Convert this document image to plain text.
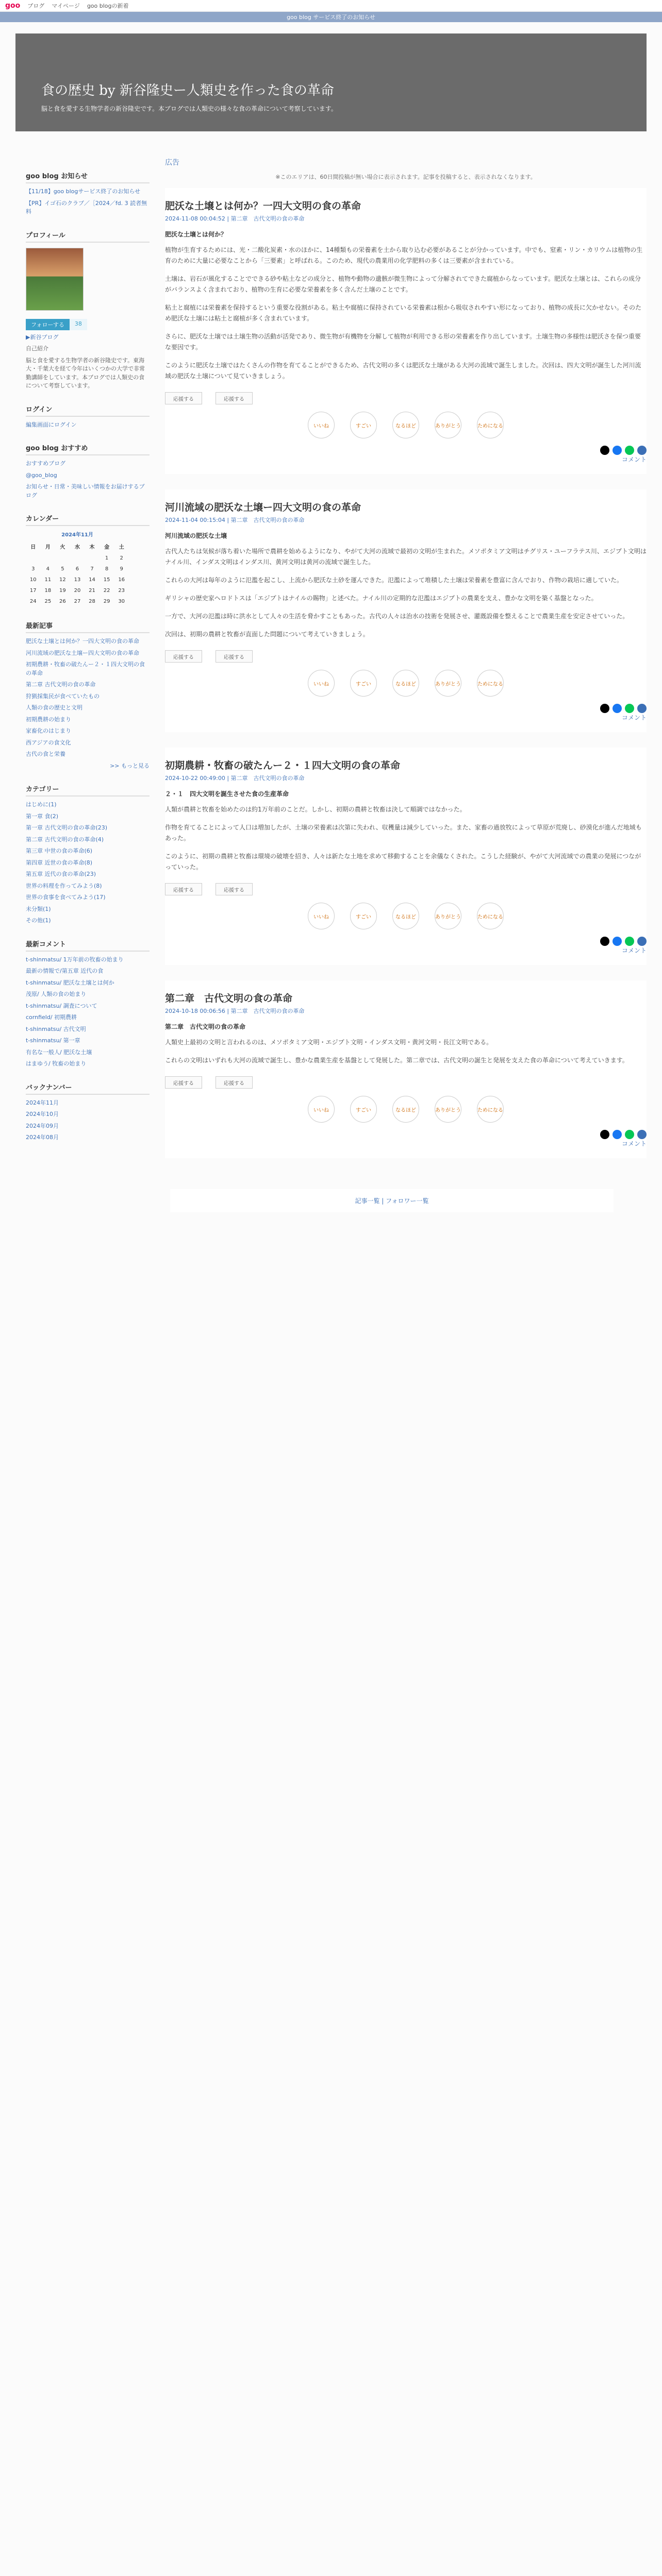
goo ブログ マイページ goo blogの新着
goo blog サービス終了のお知らせ
食の歴史 by 新谷隆史ー人類史を作った食の革命

脳と食を愛する生物学者の新谷隆史です。本ブログでは人類史の様々な食の革命について考察しています。

goo blog お知らせ
【11/18】goo blogサービス終了のお知らせ
【PR】イゴ石のクラブ／［2024／fd. 3 読者無料
プロフィール
フォローする	38
▶新谷ブログ
自己紹介
脳と食を愛する生物学者の新谷隆史です。東海大・千葉大を経て今年はいくつかの大学で非常勤講師をしています。本ブログでは人類史の食について考察しています。
ログイン
編集画面にログイン
goo blog おすすめ
おすすめブログ
@goo_blog
お知らせ・日常・美味しい情報をお届けするブログ
カレンダー
2024年11月
日	月	火	水	木	金	土
					1	2
3	4	5	6	7	8	9
10	11	12	13	14	15	16
17	18	19	20	21	22	23
24	25	26	27	28	29	30
最新記事
肥沃な土壌とは何か？一四大文明の食の革命
河川流域の肥沃な土壌ー四大文明の食の革命
初期農耕・牧畜の破たんー２・１四大文明の食の革命
第二章 古代文明の食の革命
狩猟採集民が食べていたもの
人類の食の歴史と文明
初期農耕の始まり
家畜化のはじまり
西アジアの食文化
古代の食と栄養
>> もっと見る
カテゴリー
はじめに(1)
第一章 食(2)
第一章 古代文明の食の革命(23)
第二章 古代文明の食の革命(4)
第三章 中世の食の革命(6)
第四章 近世の食の革命(8)
第五章 近代の食の革命(23)
世界の料理を作ってみよう(8)
世界の食事を食べてみよう(17)
未分類(1)
その他(1)
最新コメント
t-shinmatsu/ 1万年前の牧畜の始まり
最新の情報で/第五章 近代の食
t-shinmatsu/ 肥沃な土壌とは何か
茂原/ 人類の食の始まり
t-shinmatsu/ 調査について
cornfield/ 初期農耕
t-shinmatsu/ 古代文明
t-shinmatsu/ 第一章
有名な一般人/ 肥沃な土壌
はまゆう/ 牧畜の始まり
バックナンバー
2024年11月
2024年10月
2024年09月
2024年08月
広告
※このエリアは、60日間投稿が無い場合に表示されます。記事を投稿すると、表示されなくなります。
肥沃な土壌とは何か？一四大文明の食の革命
2024-11-08 00:04:52 | 第二章　古代文明の食の革命
肥沃な土壌とは何か？

植物が生育するためには、光・二酸化炭素・水のほかに、14種類もの栄養素を土から取り込む必要があることが分かっています。中でも、窒素・リン・カリウムは植物の生育のために大量に必要なことから「三要素」と呼ばれる。このため、現代の農業用の化学肥料の多くは三要素が含まれている。

土壌は、岩石が風化することでできる砂や粘土などの成分と、植物や動物の遺骸が微生物によって分解されてできた腐植からなっています。肥沃な土壌とは、これらの成分がバランスよく含まれており、植物の生育に必要な栄養素を多く含んだ土壌のことです。

粘土と腐植には栄養素を保持するという重要な役割がある。粘土や腐植に保持されている栄養素は根から吸収されやすい形になっており、植物の成長に欠かせない。そのため肥沃な土壌には粘土と腐植が多く含まれています。

さらに、肥沃な土壌では土壌生物の活動が活発であり、微生物が有機物を分解して植物が利用できる形の栄養素を作り出しています。土壌生物の多様性は肥沃さを保つ重要な要因です。

このように肥沃な土壌ではたくさんの作物を育てることができるため、古代文明の多くは肥沃な土壌がある大河の流域で誕生しました。次回は、四大文明が誕生した河川流域の肥沃な土壌について見ていきましょう。

応援する	応援する
いいね	すごい	なるほど	ありがとう	ためになる
コメント
河川流域の肥沃な土壌ー四大文明の食の革命
2024-11-04 00:15:04 | 第二章　古代文明の食の革命
河川流域の肥沃な土壌

古代人たちは気候が落ち着いた場所で農耕を始めるようになり、やがて大河の流域で最初の文明が生まれた。メソポタミア文明はチグリス・ユーフラテス川、エジプト文明はナイル川、インダス文明はインダス川、黄河文明は黄河の流域で誕生した。

これらの大河は毎年のように氾濫を起こし、上流から肥沃な土砂を運んできた。氾濫によって堆積した土壌は栄養素を豊富に含んでおり、作物の栽培に適していた。

ギリシャの歴史家ヘロドトスは「エジプトはナイルの賜物」と述べた。ナイル川の定期的な氾濫はエジプトの農業を支え、豊かな文明を築く基盤となった。

一方で、大河の氾濫は時に洪水として人々の生活を脅かすこともあった。古代の人々は治水の技術を発展させ、灌漑設備を整えることで農業生産を安定させていった。

次回は、初期の農耕と牧畜が直面した問題について考えていきましょう。

応援する	応援する
いいね	すごい	なるほど	ありがとう	ためになる
コメント
初期農耕・牧畜の破たんー２・１四大文明の食の革命
2024-10-22 00:49:00 | 第二章　古代文明の食の革命
２・１　四大文明を誕生させた食の生産革命

人類が農耕と牧畜を始めたのは約1万年前のことだ。しかし、初期の農耕と牧畜は決して順調ではなかった。

作物を育てることによって人口は増加したが、土壌の栄養素は次第に失われ、収穫量は減少していった。また、家畜の過放牧によって草原が荒廃し、砂漠化が進んだ地域もあった。

このように、初期の農耕と牧畜は環境の破壊を招き、人々は新たな土地を求めて移動することを余儀なくされた。こうした経験が、やがて大河流域での農業の発展につながっていった。

応援する	応援する
いいね	すごい	なるほど	ありがとう	ためになる
コメント
第二章　古代文明の食の革命
2024-10-18 00:06:56 | 第二章　古代文明の食の革命
第二章　古代文明の食の革命

人類史上最初の文明と言われるのは、メソポタミア文明・エジプト文明・インダス文明・黄河文明・長江文明である。

これらの文明はいずれも大河の流域で誕生し、豊かな農業生産を基盤として発展した。第二章では、古代文明の誕生と発展を支えた食の革命について考えていきます。

応援する	応援する
いいね	すごい	なるほど	ありがとう	ためになる
コメント
記事一覧 | フォロワー一覧
